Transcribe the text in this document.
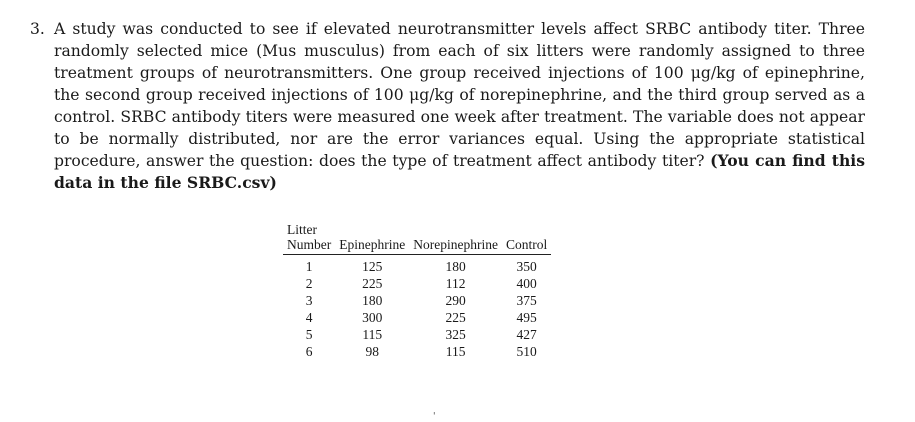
3. A study was conducted to see if elevated neurotransmitter levels affect SRBC antibody titer. Three randomly selected mice (Mus musculus) from each of six litters were randomly assigned to three treatment groups of neurotransmitters. One group received injections of 100 μg/kg of epinephrine, the second group received injections of 100 μg/kg of norepinephrine, and the third group served as a control. SRBC antibody titers were measured one week after treatment. The variable does not appear to be normally distributed, nor are the error variances equal. Using the appropriate statistical procedure, answer the question: does the type of treatment affect antibody titer? (You can find this data in the file SRBC.csv)
Litter			
Number	Epinephrine	Norepinephrine	Control
1	125	180	350
2	225	112	400
3	180	290	375
4	300	225	495
5	115	325	427
6	98	115	510
'
